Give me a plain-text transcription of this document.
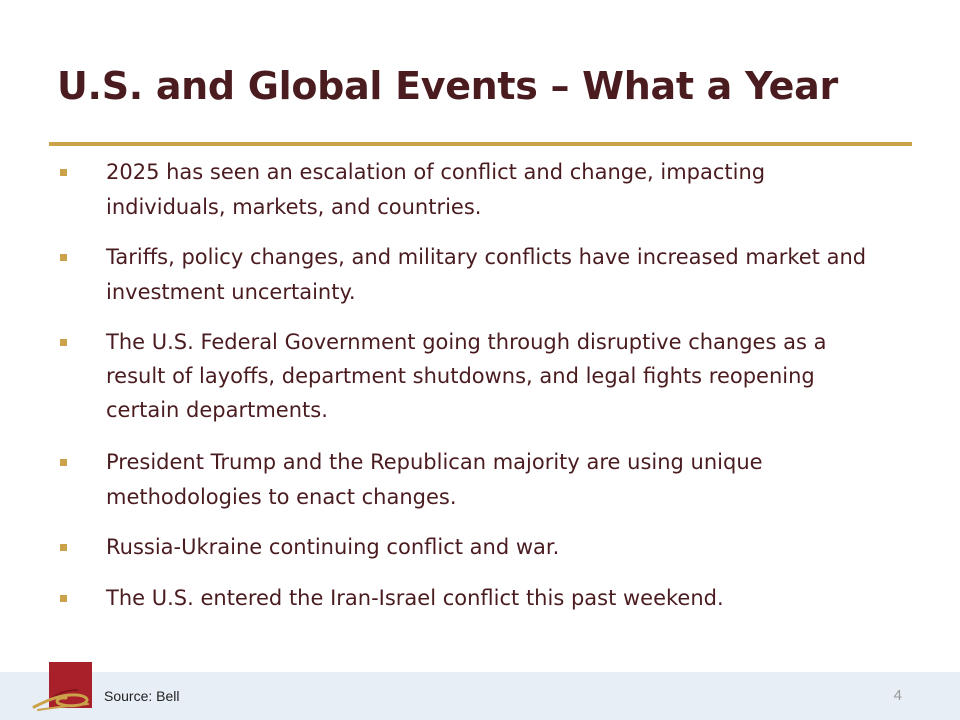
U.S. and Global Events – What a Year

2025 has seen an escalation of conflict and change, impacting individuals, markets, and countries.

Tariffs, policy changes, and military conflicts have increased market and investment uncertainty.

The U.S. Federal Government going through disruptive changes as a result of layoffs, department shutdowns, and legal fights reopening certain departments.

President Trump and the Republican majority are using unique methodologies to enact changes.

Russia-Ukraine continuing conflict and war.

The U.S. entered the Iran-Israel conflict this past weekend.

Source: Bell	4
